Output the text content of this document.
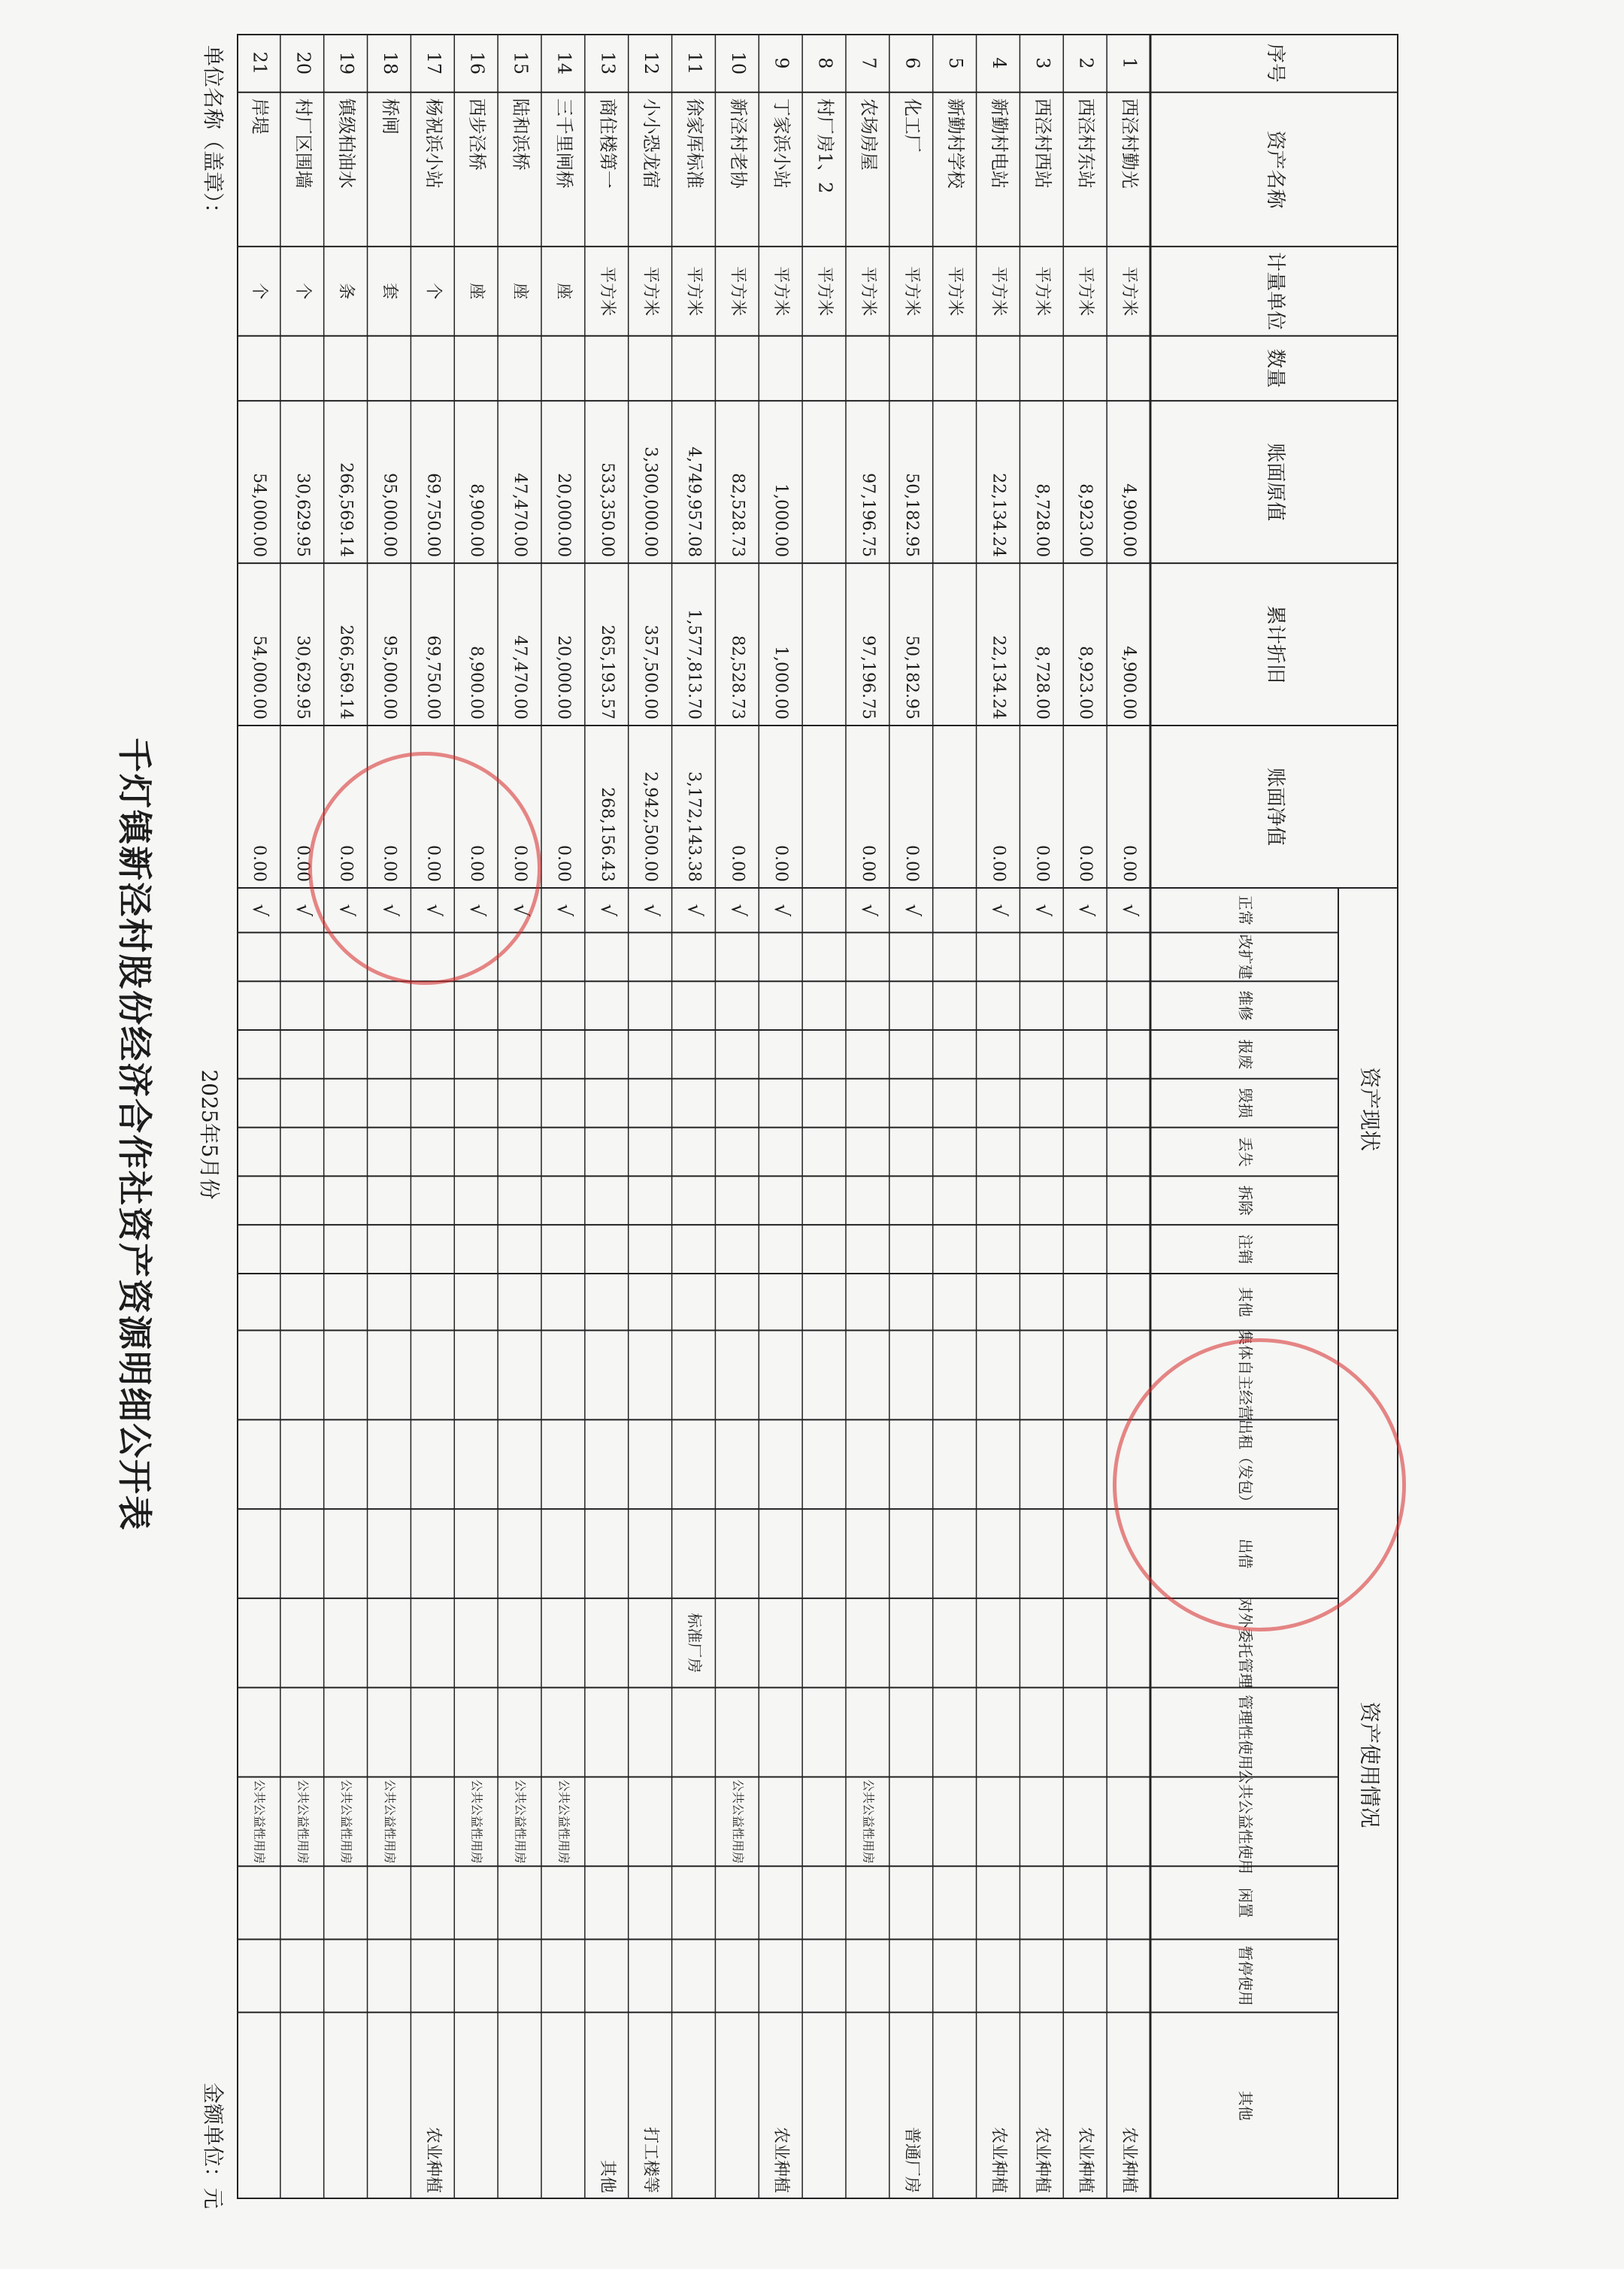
千灯镇新泾村股份经济合作社资产资源明细公开表	2025年5月份
单位名称（盖章）：
金额单位：元
序号
资产名称
计量单位
数量
账面原值
累计折旧
账面净值
资产现状
资产使用情况
正常
改扩建
维修
报废
毁损
丢失
拆除
注销
其他
集体自主经营
出租（发包）
出借
对外委托管理
管理性使用
公共公益性使用
闲置
暂停使用
其他
1
西泾村勤光
平方米
4,900.00
4,900.00
0.00
√
农业种植
2
西泾村东站
平方米
8,923.00
8,923.00
0.00
√
农业种植
3
西泾村西站
平方米
8,728.00
8,728.00
0.00
√
农业种植
4
新勤村电站
平方米
22,134.24
22,134.24
0.00
√
农业种植
5
新勤村学校
平方米
6
化工厂
平方米
50,182.95
50,182.95
0.00
√
普通厂房
7
农场房屋
平方米
97,196.75
97,196.75
0.00
√
公共公益性用房
8
村厂房1、2
平方米
9
丁家浜小站
平方米
1,000.00
1,000.00
0.00
√
农业种植
10
新泾村老协
平方米
82,528.73
82,528.73
0.00
√
公共公益性用房
11
徐家厍标准
平方米
4,749,957.08
1,577,813.70
3,172,143.38
√
标准厂房
12
小小恐龙宿
平方米
3,300,000.00
357,500.00
2,942,500.00
√
打工楼等
13
商住楼第一
平方米
533,350.00
265,193.57
268,156.43
√
其他
14
三千里闸桥
座
20,000.00
20,000.00
0.00
√
公共公益性用房
15
陆和浜桥
座
47,470.00
47,470.00
0.00
√
公共公益性用房
16
西步泾桥
座
8,900.00
8,900.00
0.00
√
公共公益性用房
17
杨祝浜小站
个
69,750.00
69,750.00
0.00
√
农业种植
18
桥闸
套
95,000.00
95,000.00
0.00
√
公共公益性用房
19
镇级柏油水
条
266,569.14
266,569.14
0.00
√
公共公益性用房
20
村厂区围墙
个
30,629.95
30,629.95
0.00
√
公共公益性用房
21
岸堤
个
54,000.00
54,000.00
0.00
√
公共公益性用房
